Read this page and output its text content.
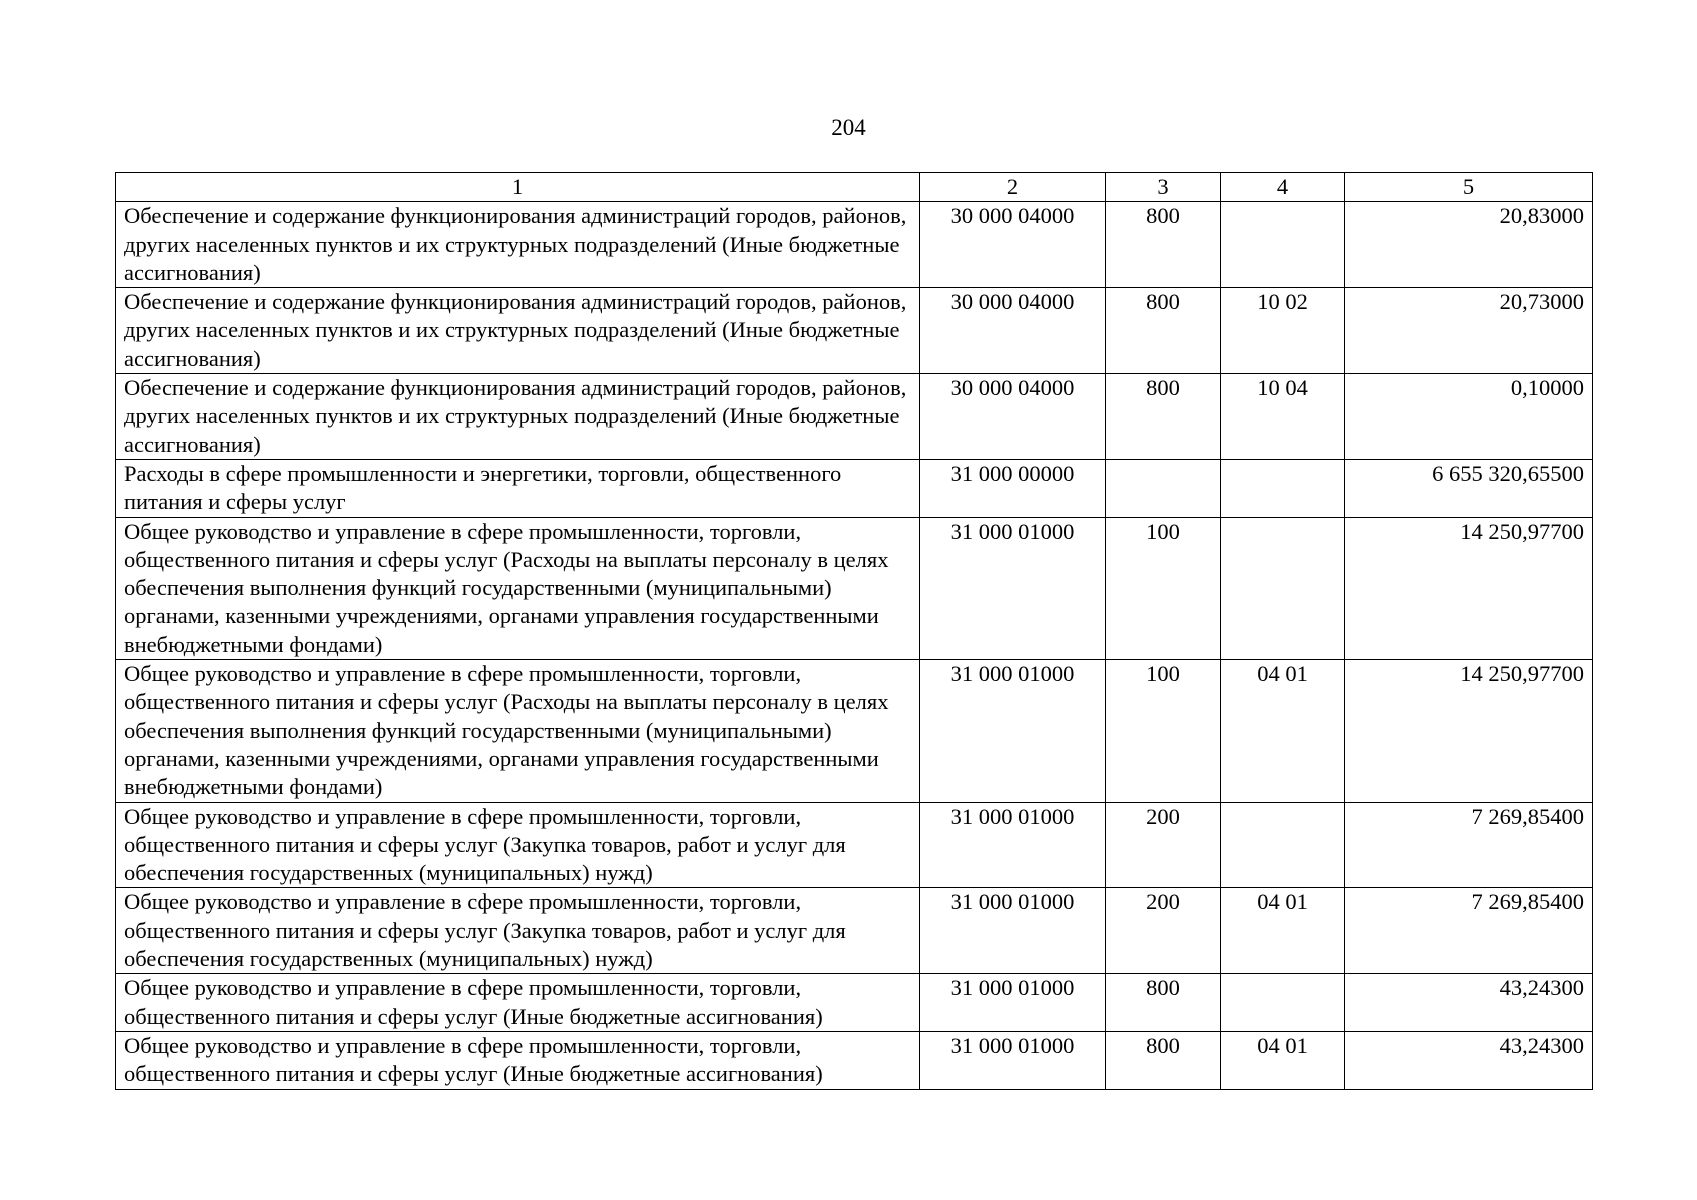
204
1	2	3	4	5
Обеспечение и содержание функционирования администраций городов, районов, других населенных пунктов и их структурных подразделений (Иные бюджетные ассигнования)	30 000 04000	800		20,83000
Обеспечение и содержание функционирования администраций городов, районов, других населенных пунктов и их структурных подразделений (Иные бюджетные ассигнования)	30 000 04000	800	10 02	20,73000
Обеспечение и содержание функционирования администраций городов, районов, других населенных пунктов и их структурных подразделений (Иные бюджетные ассигнования)	30 000 04000	800	10 04	0,10000
Расходы в сфере промышленности и энергетики, торговли, общественного питания и сферы услуг	31 000 00000			6 655 320,65500
Общее руководство и управление в сфере промышленности, торговли, общественного питания и сферы услуг (Расходы на выплаты персоналу в целях обеспечения выполнения функций государственными (муниципальными) органами, казенными учреждениями, органами управления государственными внебюджетными фондами)	31 000 01000	100		14 250,97700
Общее руководство и управление в сфере промышленности, торговли, общественного питания и сферы услуг (Расходы на выплаты персоналу в целях обеспечения выполнения функций государственными (муниципальными) органами, казенными учреждениями, органами управления государственными внебюджетными фондами)	31 000 01000	100	04 01	14 250,97700
Общее руководство и управление в сфере промышленности, торговли, общественного питания и сферы услуг (Закупка товаров, работ и услуг для обеспечения государственных (муниципальных) нужд)	31 000 01000	200		7 269,85400
Общее руководство и управление в сфере промышленности, торговли, общественного питания и сферы услуг (Закупка товаров, работ и услуг для обеспечения государственных (муниципальных) нужд)	31 000 01000	200	04 01	7 269,85400
Общее руководство и управление в сфере промышленности, торговли, общественного питания и сферы услуг (Иные бюджетные ассигнования)	31 000 01000	800		43,24300
Общее руководство и управление в сфере промышленности, торговли, общественного питания и сферы услуг (Иные бюджетные ассигнования)	31 000 01000	800	04 01	43,24300
